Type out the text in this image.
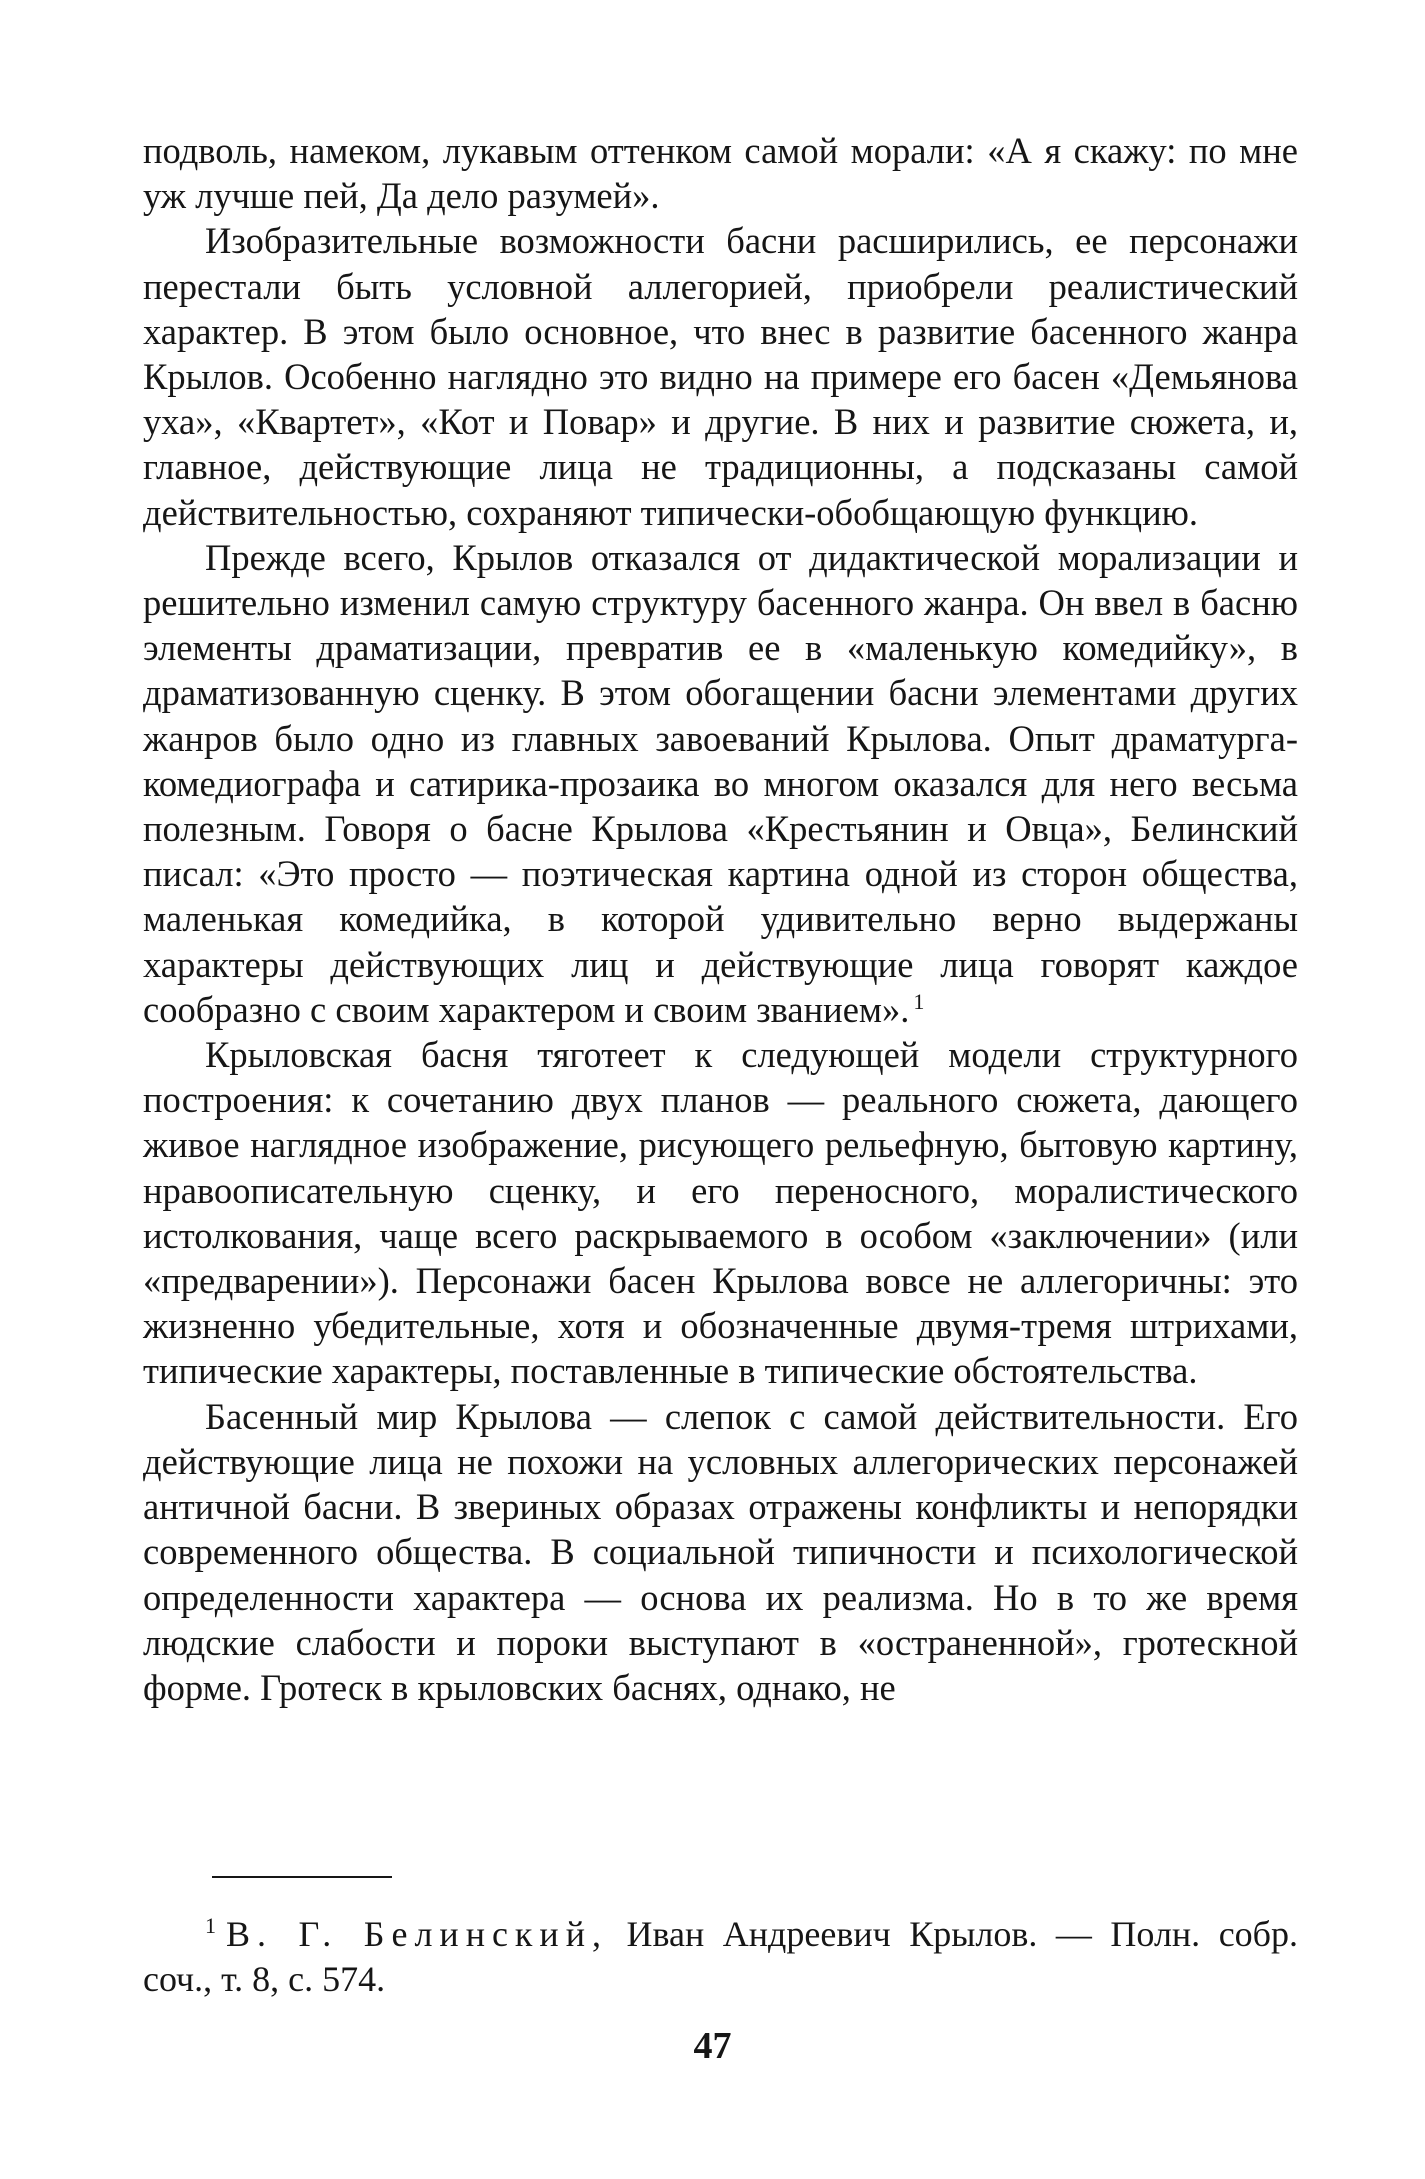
подволь, намеком, лукавым оттенком самой морали: «А я скажу: по мне уж лучше пей, Да дело разумей».

Изобразительные возможности басни расширились, ее персонажи перестали быть условной аллегорией, приобрели реалистический характер. В этом было основное, что внес в развитие басенного жанра Крылов. Особенно наглядно это видно на примере его басен «Демьянова уха», «Квартет», «Кот и Повар» и другие. В них и развитие сюжета, и, главное, действующие лица не традиционны, а подсказаны самой действительностью, сохраняют типически-обобщающую функцию.

Прежде всего, Крылов отказался от дидактической морализации и решительно изменил самую структуру басенного жанра. Он ввел в басню элементы драматизации, превратив ее в «маленькую комедийку», в драматизованную сценку. В этом обогащении басни элементами других жанров было одно из главных завоеваний Крылова. Опыт драматурга-комедиографа и сатирика-прозаика во многом оказался для него весьма полезным. Говоря о басне Крылова «Крестьянин и Овца», Белинский писал: «Это просто — поэтическая картина одной из сторон общества, маленькая комедийка, в которой удивительно верно выдержаны характеры действующих лиц и действующие лица говорят каждое сообразно с своим характером и своим званием». $^1$

Крыловская басня тяготеет к следующей модели структурного построения: к сочетанию двух планов — реального сюжета, дающего живое наглядное изображение, рисующего рельефную, бытовую картину, нравоописательную сценку, и его переносного, моралистического истолкования, чаще всего раскрываемого в особом «заключении» (или «предварении»). Персонажи басен Крылова вовсе не аллегоричны: это жизненно убедительные, хотя и обозначенные двумя-тремя штрихами, типические характеры, поставленные в типические обстоятельства.

Басенный мир Крылова — слепок с самой действительности. Его действующие лица не похожи на условных аллегорических персонажей античной басни. В звериных образах отражены конфликты и непорядки современного общества. В социальной типичности и психологической определенности характера — основа их реализма. Но в то же время людские слабости и пороки выступают в «остраненной», гротескной форме. Гротеск в крыловских баснях, однако, не

$^1$ В. Г. Белинский, Иван Андреевич Крылов. — Полн. собр. соч., т. 8, с. 574.

47
